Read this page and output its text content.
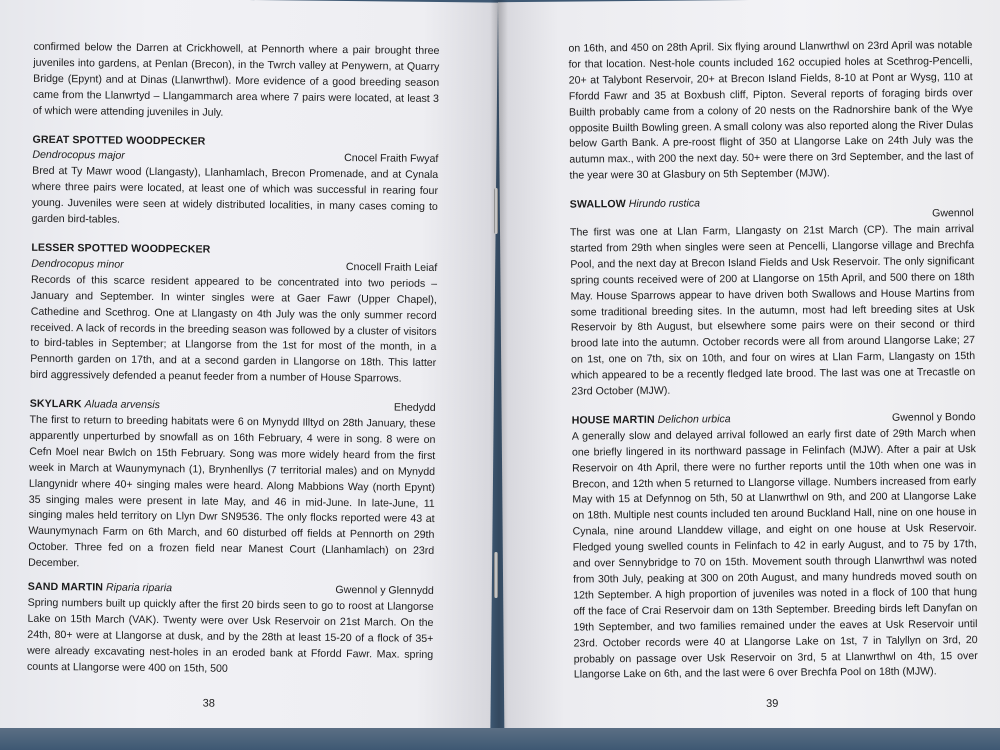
confirmed below the Darren at Crickhowell, at Pennorth where a pair brought three juveniles into gardens, at Penlan (Brecon), in the Twrch valley at Penywern, at Quarry Bridge (Epynt) and at Dinas (Llanwrthwl). More evidence of a good breeding season came from the Llanwrtyd – Llangammarch area where 7 pairs were located, at least 3 of which were attending juveniles in July.

GREAT SPOTTED WOODPECKER
Dendrocopus major	Cnocel Fraith Fwyaf

Bred at Ty Mawr wood (Llangasty), Llanhamlach, Brecon Promenade, and at Cynala where three pairs were located, at least one of which was successful in rearing four young. Juveniles were seen at widely distributed localities, in many cases coming to garden bird-tables.

LESSER SPOTTED WOODPECKER
Dendrocopus minor	Cnocell Fraith Leiaf

Records of this scarce resident appeared to be concentrated into two periods – January and September. In winter singles were at Gaer Fawr (Upper Chapel), Cathedine and Scethrog. One at Llangasty on 4th July was the only summer record received. A lack of records in the breeding season was followed by a cluster of visitors to bird-tables in September; at Llangorse from the 1st for most of the month, in a Pennorth garden on 17th, and at a second garden in Llangorse on 18th. This latter bird aggressively defended a peanut feeder from a number of House Sparrows.

SKYLARK Aluada arvensis	Ehedydd

The first to return to breeding habitats were 6 on Mynydd Illtyd on 28th January, these apparently unperturbed by snowfall as on 16th February, 4 were in song. 8 were on Cefn Moel near Bwlch on 15th February. Song was more widely heard from the first week in March at Waunymynach (1), Brynhenllys (7 territorial males) and on Mynydd Llangynidr where 40+ singing males were heard. Along Mabbions Way (north Epynt) 35 singing males were present in late May, and 46 in mid-June. In late-June, 11 singing males held territory on Llyn Dwr SN9536. The only flocks reported were 43 at Waunymynach Farm on 6th March, and 60 disturbed off fields at Pennorth on 29th October. Three fed on a frozen field near Manest Court (Llanhamlach) on 23rd December.

SAND MARTIN Riparia riparia	Gwennol y Glennydd

Spring numbers built up quickly after the first 20 birds seen to go to roost at Llangorse Lake on 15th March (VAK). Twenty were over Usk Reservoir on 21st March. On the 24th, 80+ were at Llangorse at dusk, and by the 28th at least 15-20 of a flock of 35+ were already excavating nest-holes in an eroded bank at Ffordd Fawr. Max. spring counts at Llangorse were 400 on 15th, 500

38

on 16th, and 450 on 28th April. Six flying around Llanwrthwl on 23rd April was notable for that location. Nest-hole counts included 162 occupied holes at Scethrog-Pencelli, 20+ at Talybont Reservoir, 20+ at Brecon Island Fields, 8-10 at Pont ar Wysg, 110 at Ffordd Fawr and 35 at Boxbush cliff, Pipton. Several reports of foraging birds over Builth probably came from a colony of 20 nests on the Radnorshire bank of the Wye opposite Builth Bowling green. A small colony was also reported along the River Dulas below Garth Bank. A pre-roost flight of 350 at Llangorse Lake on 24th July was the autumn max., with 200 the next day. 50+ were there on 3rd September, and the last of the year were 30 at Glasbury on 5th September (MJW).

SWALLOW Hirundo rustica
Gwennol

The first was one at Llan Farm, Llangasty on 21st March (CP). The main arrival started from 29th when singles were seen at Pencelli, Llangorse village and Brechfa Pool, and the next day at Brecon Island Fields and Usk Reservoir. The only significant spring counts received were of 200 at Llangorse on 15th April, and 500 there on 18th May. House Sparrows appear to have driven both Swallows and House Martins from some traditional breeding sites. In the autumn, most had left breeding sites at Usk Reservoir by 8th August, but elsewhere some pairs were on their second or third brood late into the autumn. October records were all from around Llangorse Lake; 27 on 1st, one on 7th, six on 10th, and four on wires at Llan Farm, Llangasty on 15th which appeared to be a recently fledged late brood. The last was one at Trecastle on 23rd October (MJW).

HOUSE MARTIN Delichon urbica	Gwennol y Bondo

A generally slow and delayed arrival followed an early first date of 29th March when one briefly lingered in its northward passage in Felinfach (MJW). After a pair at Usk Reservoir on 4th April, there were no further reports until the 10th when one was in Brecon, and 12th when 5 returned to Llangorse village. Numbers increased from early May with 15 at Defynnog on 5th, 50 at Llanwrthwl on 9th, and 200 at Llangorse Lake on 18th. Multiple nest counts included ten around Buckland Hall, nine on one house in Cynala, nine around Llanddew village, and eight on one house at Usk Reservoir. Fledged young swelled counts in Felinfach to 42 in early August, and to 75 by 17th, and over Sennybridge to 70 on 15th. Movement south through Llanwrthwl was noted from 30th July, peaking at 300 on 20th August, and many hundreds moved south on 12th September. A high proportion of juveniles was noted in a flock of 100 that hung off the face of Crai Reservoir dam on 13th September. Breeding birds left Danyfan on 19th September, and two families remained under the eaves at Usk Reservoir until 23rd. October records were 40 at Llangorse Lake on 1st, 7 in Talyllyn on 3rd, 20 probably on passage over Usk Reservoir on 3rd, 5 at Llanwrthwl on 4th, 15 over Llangorse Lake on 6th, and the last were 6 over Brechfa Pool on 18th (MJW).

39
